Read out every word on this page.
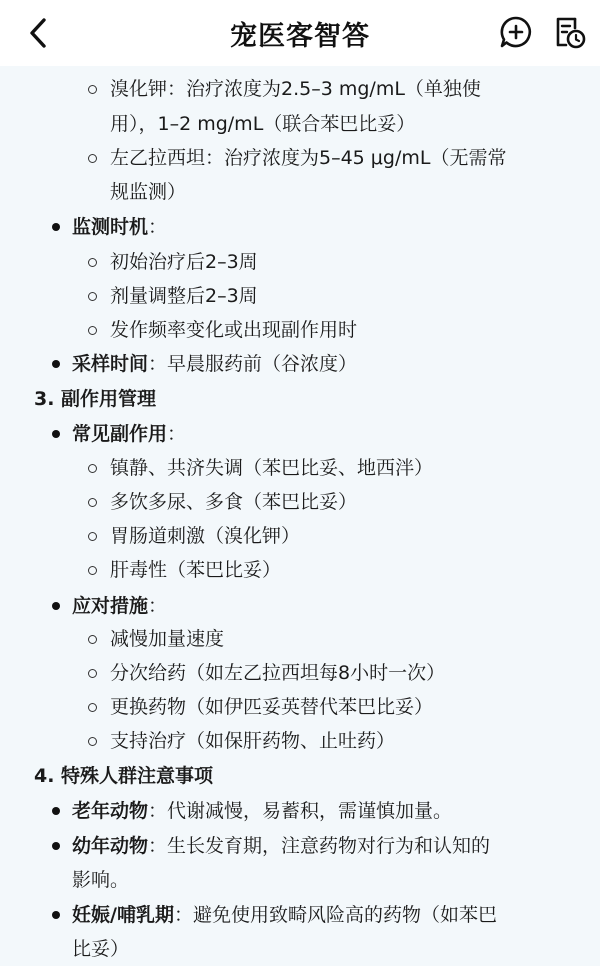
宠医客智答
溴化钾：治疗浓度为2.5–3 mg/mL（单独使
用），1–2 mg/mL（联合苯巴比妥）
左乙拉西坦：治疗浓度为5–45 μg/mL（无需常
规监测）
监测时机：
初始治疗后2–3周
剂量调整后2–3周
发作频率变化或出现副作用时
采样时间：早晨服药前（谷浓度）
3. 副作用管理
常见副作用：
镇静、共济失调（苯巴比妥、地西泮）
多饮多尿、多食（苯巴比妥）
胃肠道刺激（溴化钾）
肝毒性（苯巴比妥）
应对措施：
减慢加量速度
分次给药（如左乙拉西坦每8小时一次）
更换药物（如伊匹妥英替代苯巴比妥）
支持治疗（如保肝药物、止吐药）
4. 特殊人群注意事项
老年动物：代谢减慢，易蓄积，需谨慎加量。
幼年动物：生长发育期，注意药物对行为和认知的
影响。
妊娠/哺乳期：避免使用致畸风险高的药物（如苯巴
比妥）
